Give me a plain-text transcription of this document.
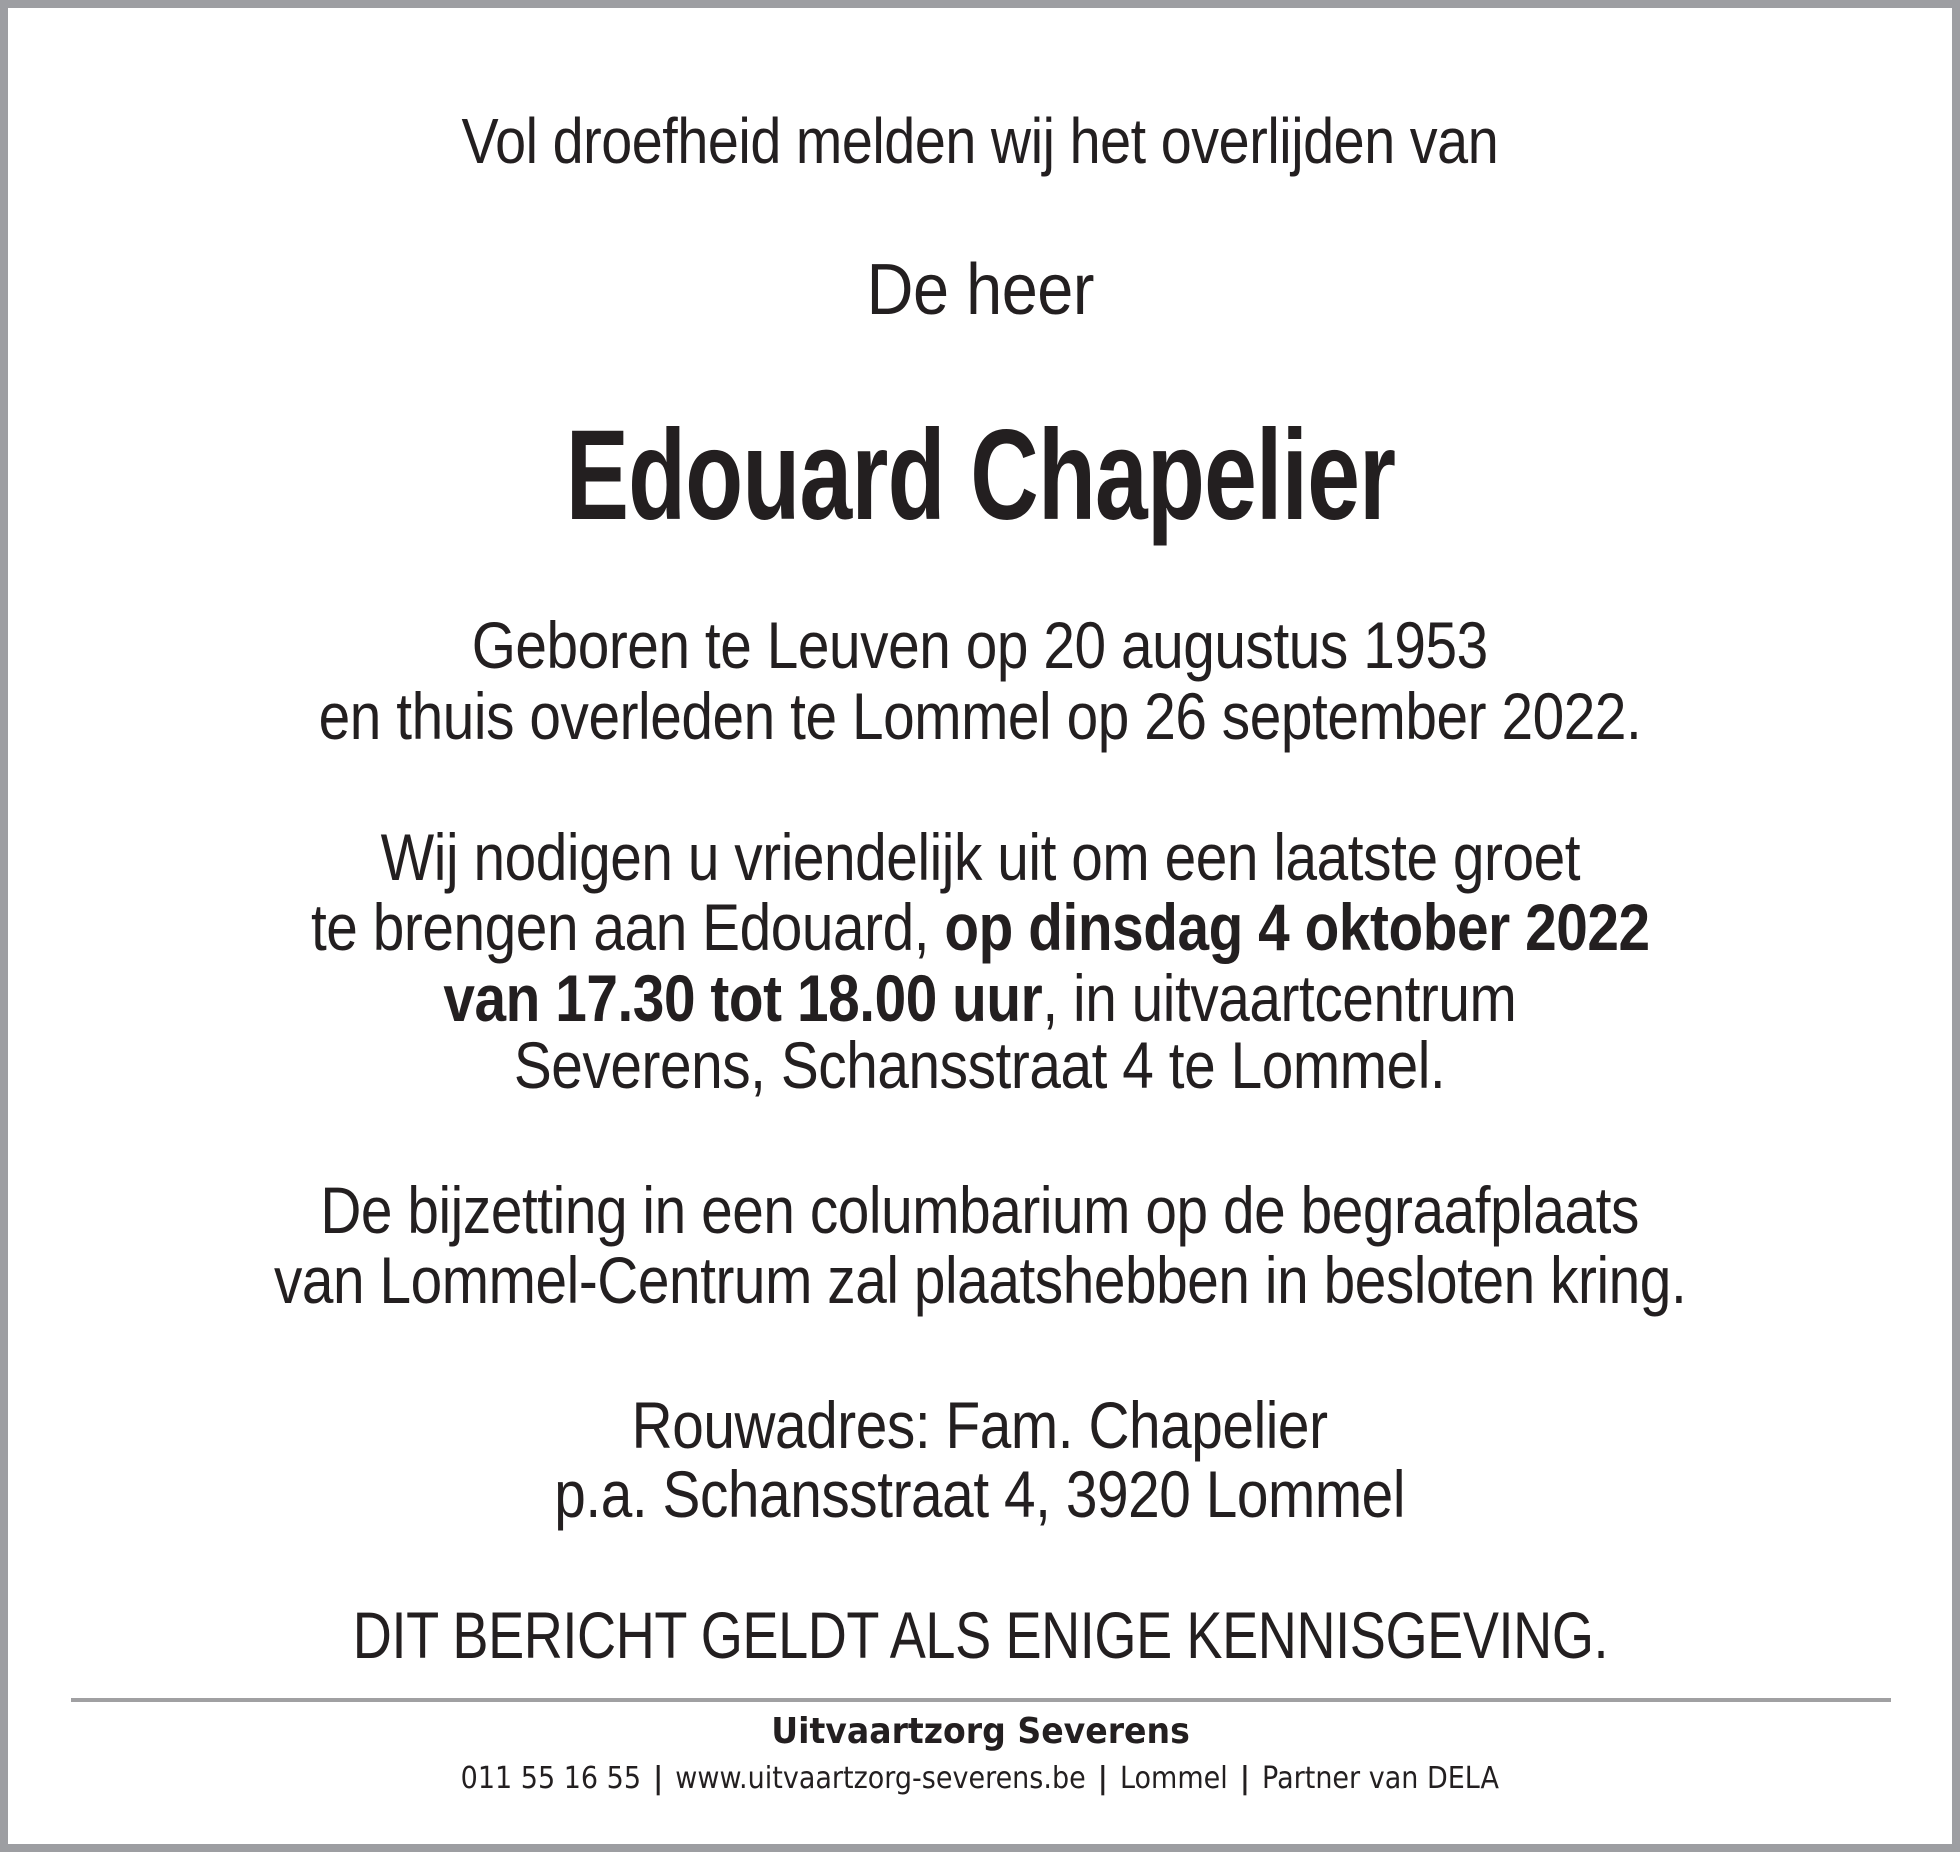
Vol droefheid melden wij het overlijden van
De heer
Edouard Chapelier
Geboren te Leuven op 20 augustus 1953
en thuis overleden te Lommel op 26 september 2022.
Wij nodigen u vriendelijk uit om een laatste groet
te brengen aan Edouard, op dinsdag 4 oktober 2022
van 17.30 tot 18.00 uur, in uitvaartcentrum
Severens, Schansstraat 4 te Lommel.
De bijzetting in een columbarium op de begraafplaats
van Lommel-Centrum zal plaatshebben in besloten kring.
Rouwadres: Fam. Chapelier
p.a. Schansstraat 4, 3920 Lommel
DIT BERICHT GELDT ALS ENIGE KENNISGEVING.
Uitvaartzorg Severens
011 55 16 55 | www.uitvaartzorg-severens.be | Lommel | Partner van DELA
